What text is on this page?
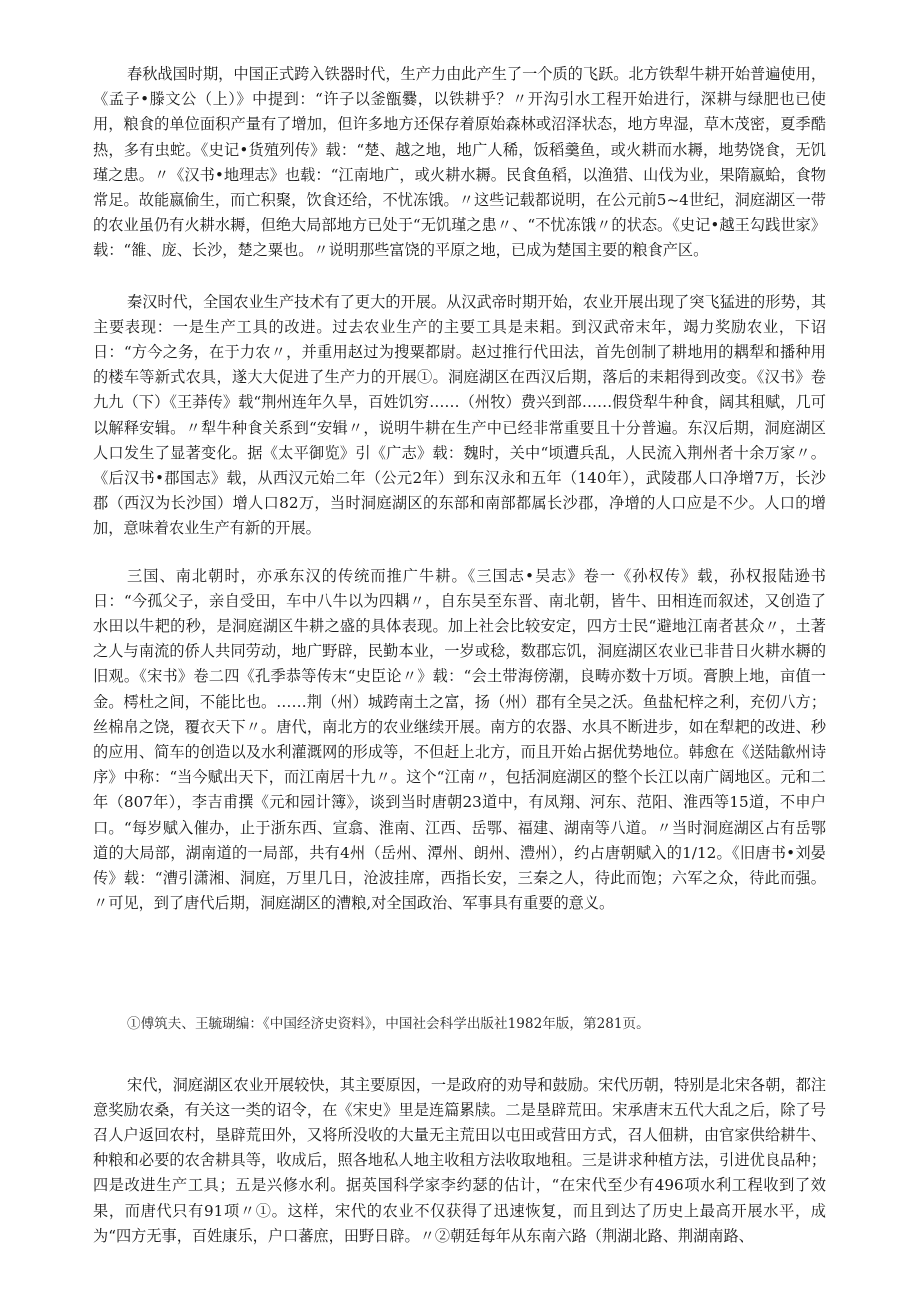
春秋战国时期，中国正式跨入铁器时代，生产力由此产生了一个质的飞跃。北方铁犁牛耕开始普遍使用，《孟子•滕文公（上）》中提到：“许子以釜甑爨，以铁耕乎？〃开沟引水工程开始进行，深耕与绿肥也已使用，粮食的单位面积产量有了增加，但许多地方还保存着原始森林或沼泽状态，地方卑湿，草木茂密，夏季酷热，多有虫蛇。《史记•货殖列传》载：“楚、越之地，地广人稀，饭稻羹鱼，或火耕而水耨，地势饶食，无饥瑾之患。〃《汉书•地理志》也载：“江南地广，或火耕水耨。民食鱼稻，以渔猎、山伐为业，果隋嬴蛤，食物常足。故能嬴偷生，而亡积聚，饮食还给，不忧冻饿。〃这些记载都说明，在公元前5~4世纪，洞庭湖区一带的农业虽仍有火耕水耨，但绝大局部地方已处于“无饥瑾之患〃、“不忧冻饿〃的状态。《史记•越王勾践世家》载：“雒、庞、长沙，楚之粟也。〃说明那些富饶的平原之地，已成为楚国主要的粮食产区。

秦汉时代，全国农业生产技术有了更大的开展。从汉武帝时期开始，农业开展出现了突飞猛进的形势，其主要表现：一是生产工具的改进。过去农业生产的主要工具是耒耜。到汉武帝末年，竭力奖励农业，下诏日：“方今之务，在于力农〃，并重用赵过为搜粟都尉。赵过推行代田法，首先创制了耕地用的耦犁和播种用的楼车等新式农具，遂大大促进了生产力的开展①。洞庭湖区在西汉后期，落后的耒耜得到改变。《汉书》卷九九（下）《王莽传》载“荆州连年久旱，百姓饥穷……（州牧）费兴到部……假贷犁牛种食，阔其租赋，几可以解释安辑。〃犁牛种食关系到“安辑〃，说明牛耕在生产中已经非常重要且十分普遍。东汉后期，洞庭湖区人口发生了显著变化。据《太平御览》引《广志》载：魏时，关中“顷遭兵乱，人民流入荆州者十余万家〃。《后汉书•郡国志》载，从西汉元始二年（公元2年）到东汉永和五年（140年），武陵郡人口净增7万，长沙郡（西汉为长沙国）增人口82万，当时洞庭湖区的东部和南部都属长沙郡，净增的人口应是不少。人口的增加，意味着农业生产有新的开展。

三国、南北朝时，亦承东汉的传统而推广牛耕。《三国志•吴志》卷一《孙权传》载，孙权报陆逊书日：“今孤父子，亲自受田，车中八牛以为四耦〃，自东吴至东晋、南北朝，皆牛、田相连而叙述，又创造了水田以牛耙的秒，是洞庭湖区牛耕之盛的具体表现。加上社会比较安定，四方士民“避地江南者甚众〃，土著之人与南流的侨人共同劳动，地广野辟，民勤本业，一岁或稔，数郡忘饥，洞庭湖区农业已非昔日火耕水耨的旧观。《宋书》卷二四《孔季恭等传末“史臣论〃》载：“会土带海傍潮，良畴亦数十万顷。膏腴上地，亩值一金。樗杜之间，不能比也。……荆（州）城跨南土之富，扬（州）郡有全吴之沃。鱼盐杞梓之利，充仞八方；丝棉帛之饶，覆衣天下〃。唐代，南北方的农业继续开展。南方的农器、水具不断进步，如在犁耙的改进、秒的应用、简车的创造以及水利灌溉网的形成等，不但赶上北方，而且开始占据优势地位。韩愈在《送陆歙州诗序》中称：“当今赋出天下，而江南居十九〃。这个“江南〃，包括洞庭湖区的整个长江以南广阔地区。元和二年（807年），李吉甫撰《元和园计簿》，谈到当时唐朝23道中，有凤翔、河东、范阳、淮西等15道，不申户口。“每岁赋入催办，止于浙东西、宣翕、淮南、江西、岳鄂、福建、湖南等八道。〃当时洞庭湖区占有岳鄂道的大局部，湖南道的一局部，共有4州（岳州、潭州、朗州、澧州），约占唐朝赋入的1/12。《旧唐书•刘晏传》载：“漕引潇湘、洞庭，万里几日，沧波挂席，西指长安，三秦之人，待此而饱；六军之众，待此而强。〃可见，到了唐代后期，洞庭湖区的漕粮,对全国政治、军事具有重要的意义。

①傅筑夫、王毓瑚编：《中国经济史资料》，中国社会科学出版社1982年版，第281页。

宋代，洞庭湖区农业开展较快，其主要原因，一是政府的劝导和鼓励。宋代历朝，特别是北宋各朝，都注意奖励农桑，有关这一类的诏令，在《宋史》里是连篇累牍。二是垦辟荒田。宋承唐末五代大乱之后，除了号召人户返回农村，垦辟荒田外，又将所没收的大量无主荒田以屯田或营田方式，召人佃耕，由官家供给耕牛、种粮和必要的农舍耕具等，收成后，照各地私人地主收租方法收取地租。三是讲求种植方法，引进优良品种；四是改进生产工具；五是兴修水利。据英国科学家李约瑟的估计，“在宋代至少有496项水利工程收到了效果，而唐代只有91项〃①。这样，宋代的农业不仅获得了迅速恢复，而且到达了历史上最高开展水平，成为“四方无事，百姓康乐，户口蕃庶，田野日辟。〃②朝廷每年从东南六路（荆湖北路、荆湖南路、
